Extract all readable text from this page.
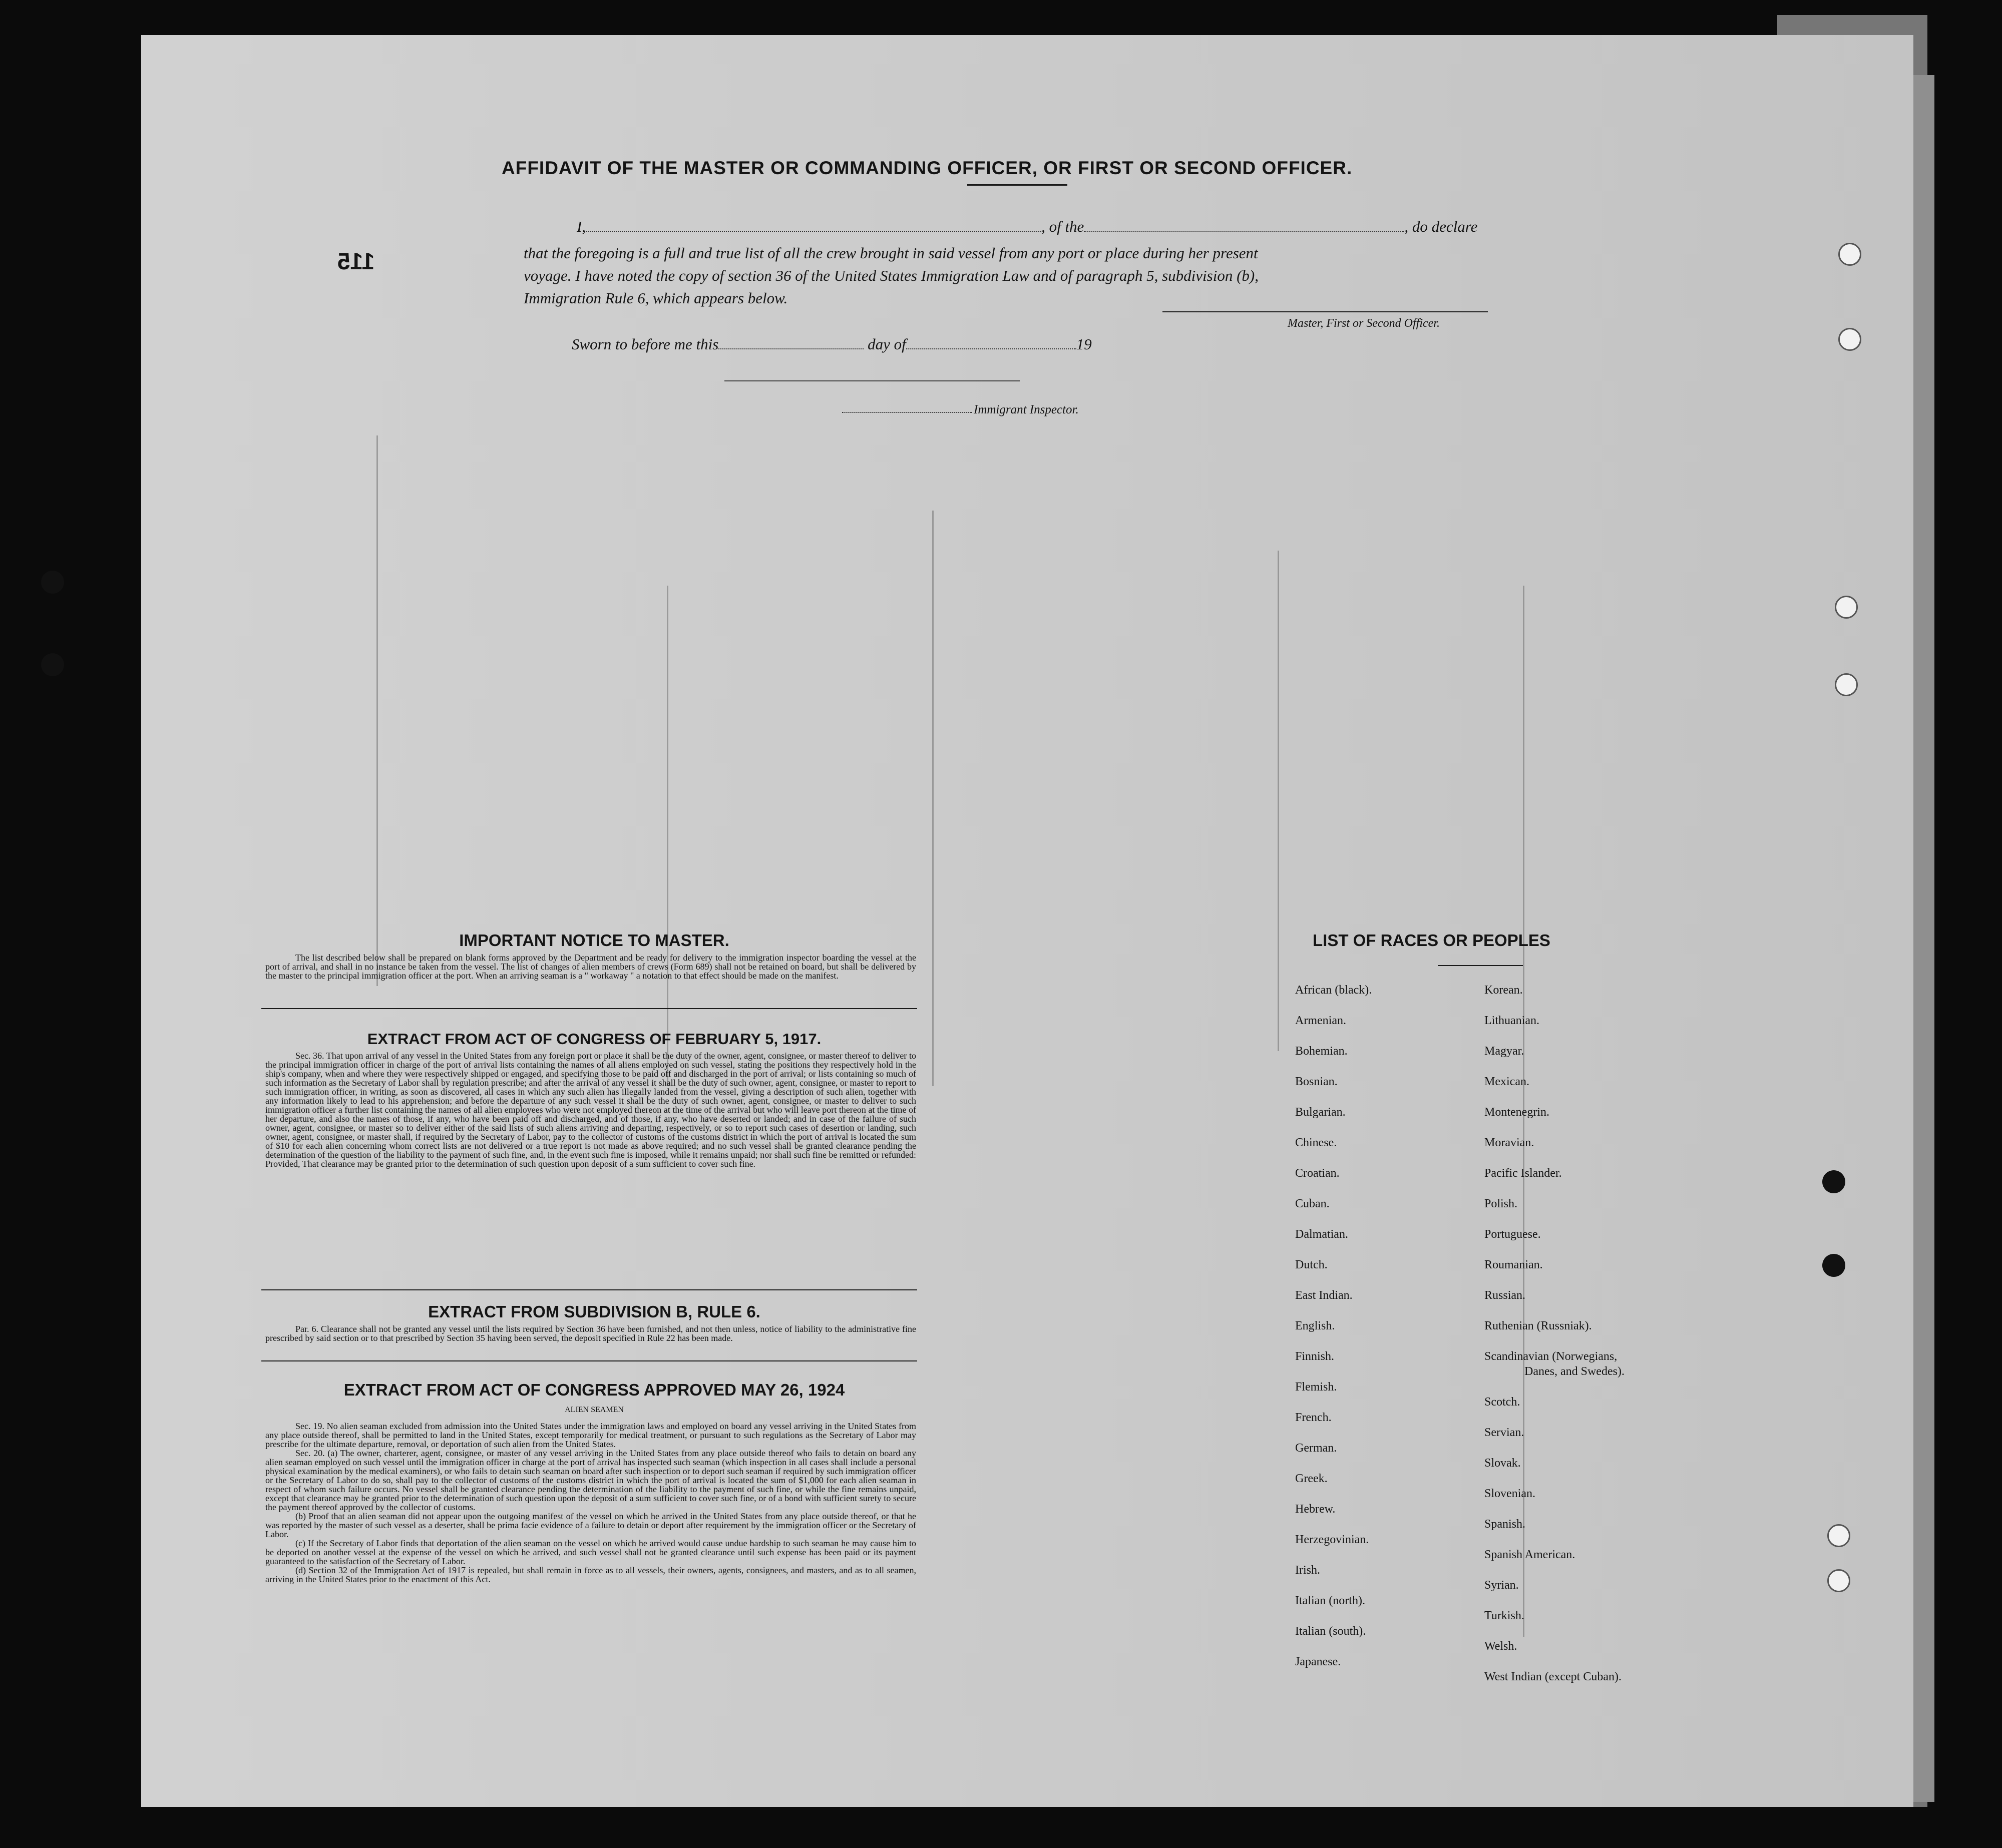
115
AFFIDAVIT OF THE MASTER OR COMMANDING OFFICER, OR FIRST OR SECOND OFFICER.
I,	, of the	, do declare
that the foregoing is a full and true list of all the crew brought in said vessel from any port or place during her present
voyage. I have noted the copy of section 36 of the United States Immigration Law and of paragraph 5, subdivision (b),
Immigration Rule 6, which appears below.
Master, First or Second Officer.
Sworn to before me this	day of	19
Immigrant Inspector.
IMPORTANT NOTICE TO MASTER.

The list described below shall be prepared on blank forms approved by the Department and be ready for delivery to the immigration inspector boarding the vessel at the port of arrival, and shall in no instance be taken from the vessel. The list of changes of alien members of crews (Form 689) shall not be retained on board, but shall be delivered by the master to the principal immigration officer at the port. When an arriving seaman is a " workaway " a notation to that effect should be made on the manifest.

EXTRACT FROM ACT OF CONGRESS OF FEBRUARY 5, 1917.

Sec. 36. That upon arrival of any vessel in the United States from any foreign port or place it shall be the duty of the owner, agent, consignee, or master thereof to deliver to the principal immigration officer in charge of the port of arrival lists containing the names of all aliens employed on such vessel, stating the positions they respectively hold in the ship's company, when and where they were respectively shipped or engaged, and specifying those to be paid off and discharged in the port of arrival; or lists containing so much of such information as the Secretary of Labor shall by regulation prescribe; and after the arrival of any vessel it shall be the duty of such owner, agent, consignee, or master to report to such immigration officer, in writing, as soon as discovered, all cases in which any such alien has illegally landed from the vessel, giving a description of such alien, together with any information likely to lead to his apprehension; and before the departure of any such vessel it shall be the duty of such owner, agent, consignee, or master to deliver to such immigration officer a further list containing the names of all alien employees who were not employed thereon at the time of the arrival but who will leave port thereon at the time of her departure, and also the names of those, if any, who have been paid off and discharged, and of those, if any, who have deserted or landed; and in case of the failure of such owner, agent, consignee, or master so to deliver either of the said lists of such aliens arriving and departing, respectively, or so to report such cases of desertion or landing, such owner, agent, consignee, or master shall, if required by the Secretary of Labor, pay to the collector of customs of the customs district in which the port of arrival is located the sum of $10 for each alien concerning whom correct lists are not delivered or a true report is not made as above required; and no such vessel shall be granted clearance pending the determination of the question of the liability to the payment of such fine, and, in the event such fine is imposed, while it remains unpaid; nor shall such fine be remitted or refunded: Provided, That clearance may be granted prior to the determination of such question upon deposit of a sum sufficient to cover such fine.

EXTRACT FROM SUBDIVISION B, RULE 6.

Par. 6. Clearance shall not be granted any vessel until the lists required by Section 36 have been furnished, and not then unless, notice of liability to the administrative fine prescribed by said section or to that prescribed by Section 35 having been served, the deposit specified in Rule 22 has been made.

EXTRACT FROM ACT OF CONGRESS APPROVED MAY 26, 1924
ALIEN SEAMEN

Sec. 19. No alien seaman excluded from admission into the United States under the immigration laws and employed on board any vessel arriving in the United States from any place outside thereof, shall be permitted to land in the United States, except temporarily for medical treatment, or pursuant to such regulations as the Secretary of Labor may prescribe for the ultimate departure, removal, or deportation of such alien from the United States.

Sec. 20. (a) The owner, charterer, agent, consignee, or master of any vessel arriving in the United States from any place outside thereof who fails to detain on board any alien seaman employed on such vessel until the immigration officer in charge at the port of arrival has inspected such seaman (which inspection in all cases shall include a personal physical examination by the medical examiners), or who fails to detain such seaman on board after such inspection or to deport such seaman if required by such immigration officer or the Secretary of Labor to do so, shall pay to the collector of customs of the customs district in which the port of arrival is located the sum of $1,000 for each alien seaman in respect of whom such failure occurs. No vessel shall be granted clearance pending the determination of the liability to the payment of such fine, or while the fine remains unpaid, except that clearance may be granted prior to the determination of such question upon the deposit of a sum sufficient to cover such fine, or of a bond with sufficient surety to secure the payment thereof approved by the collector of customs.

(b) Proof that an alien seaman did not appear upon the outgoing manifest of the vessel on which he arrived in the United States from any place outside thereof, or that he was reported by the master of such vessel as a deserter, shall be prima facie evidence of a failure to detain or deport after requirement by the immigration officer or the Secretary of Labor.

(c) If the Secretary of Labor finds that deportation of the alien seaman on the vessel on which he arrived would cause undue hardship to such seaman he may cause him to be deported on another vessel at the expense of the vessel on which he arrived, and such vessel shall not be granted clearance until such expense has been paid or its payment guaranteed to the satisfaction of the Secretary of Labor.

(d) Section 32 of the Immigration Act of 1917 is repealed, but shall remain in force as to all vessels, their owners, agents, consignees, and masters, and as to all seamen, arriving in the United States prior to the enactment of this Act.

LIST OF RACES OR PEOPLES
African (black).
Armenian.
Bohemian.
Bosnian.
Bulgarian.
Chinese.
Croatian.
Cuban.
Dalmatian.
Dutch.
East Indian.
English.
Finnish.
Flemish.
French.
German.
Greek.
Hebrew.
Herzegovinian.
Irish.
Italian (north).
Italian (south).
Japanese.
Korean.
Lithuanian.
Magyar.
Mexican.
Montenegrin.
Moravian.
Pacific Islander.
Polish.
Portuguese.
Roumanian.
Russian.
Ruthenian (Russniak).
Scandinavian (Norwegians,
Danes, and Swedes).
Scotch.
Servian.
Slovak.
Slovenian.
Spanish.
Spanish American.
Syrian.
Turkish.
Welsh.
West Indian (except Cuban).
